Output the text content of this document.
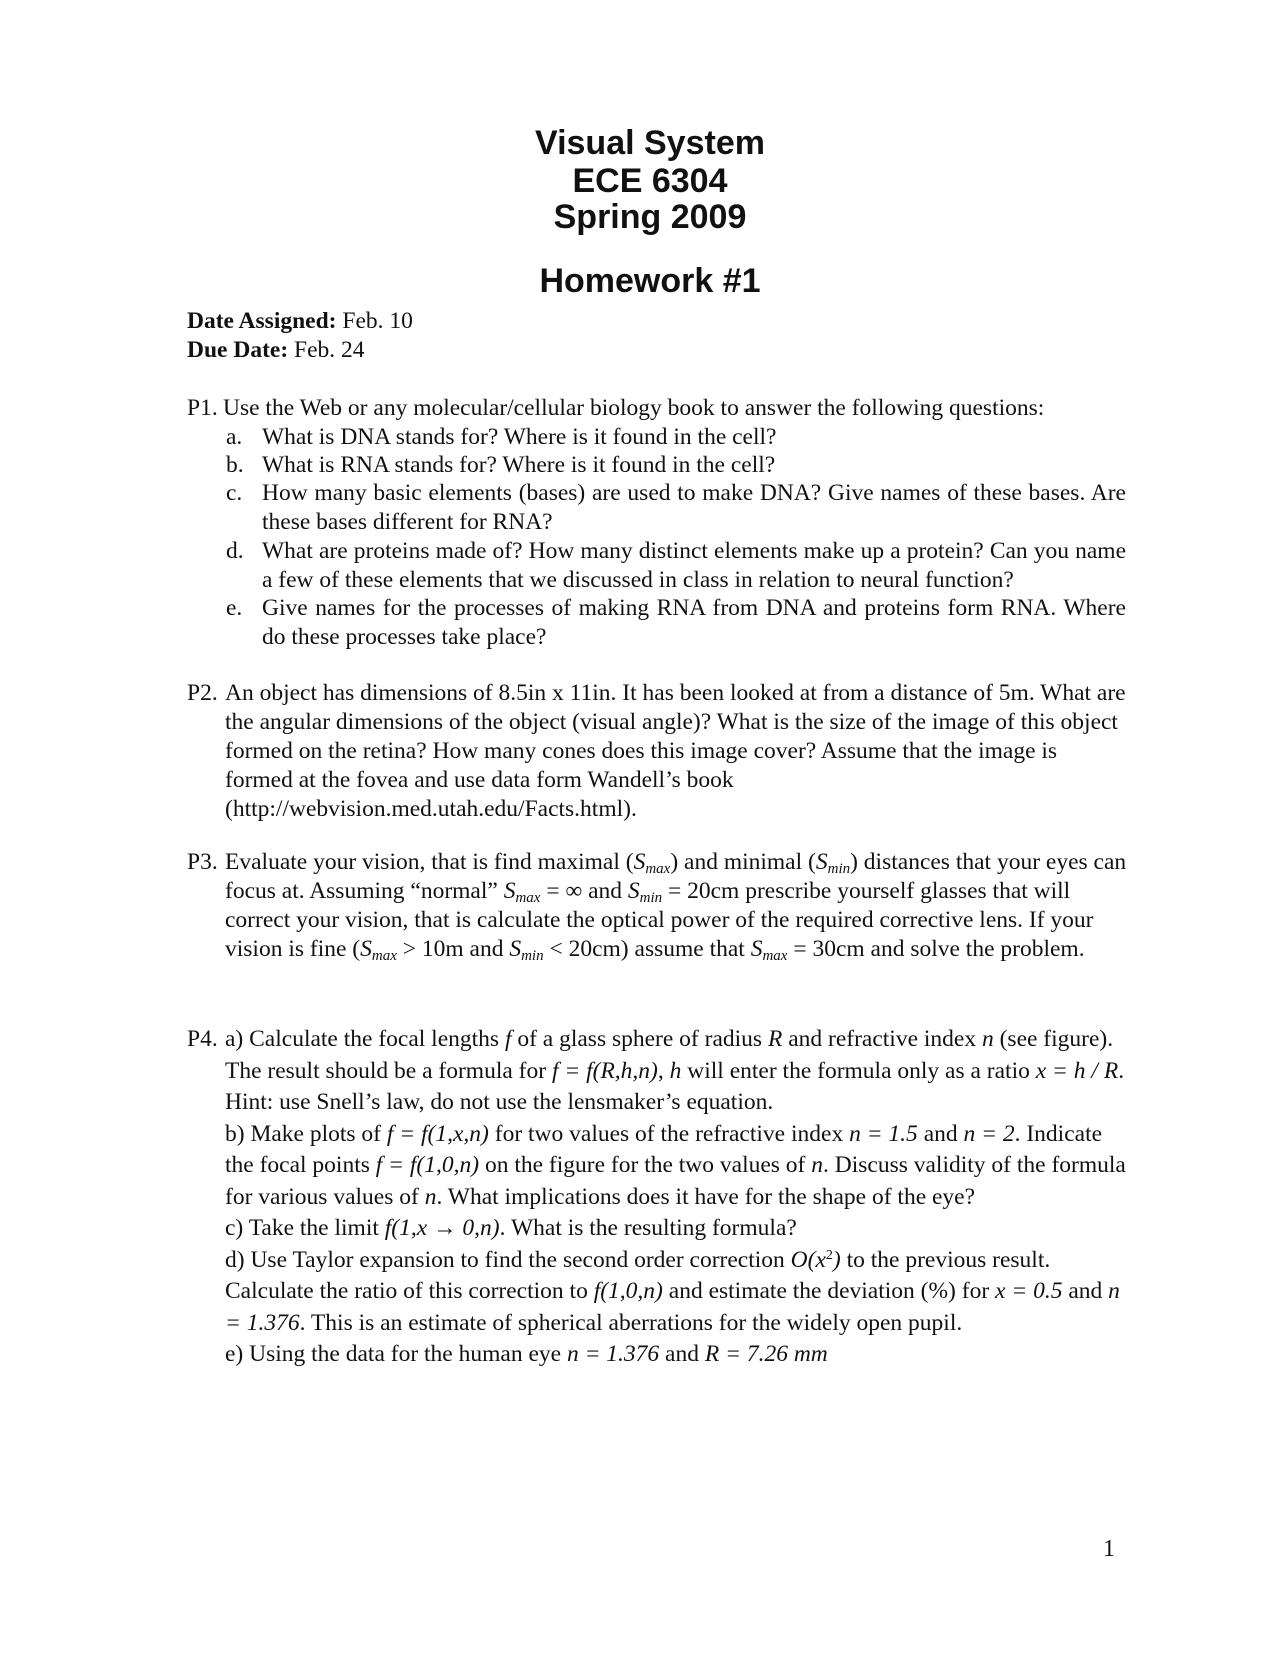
Visual System
ECE 6304
Spring 2009
Homework #1
Date Assigned: Feb. 10
Due Date: Feb. 24
P1. Use the Web or any molecular/cellular biology book to answer the following questions:
a. What is DNA stands for? Where is it found in the cell?
b. What is RNA stands for? Where is it found in the cell?
c. How many basic elements (bases) are used to make DNA? Give names of these bases. Are these bases different for RNA?
d. What are proteins made of? How many distinct elements make up a protein? Can you name a few of these elements that we discussed in class in relation to neural function?
e. Give names for the processes of making RNA from DNA and proteins form RNA. Where do these processes take place?
P2. An object has dimensions of 8.5in x 11in. It has been looked at from a distance of 5m. What are the angular dimensions of the object (visual angle)? What is the size of the image of this object formed on the retina? How many cones does this image cover? Assume that the image is formed at the fovea and use data form Wandell’s book (http://webvision.med.utah.edu/Facts.html).
P3. Evaluate your vision, that is find maximal $(S_{max})$ and minimal $(S_{min})$ distances that your eyes can focus at. Assuming “normal” $S_{max}$ = ∞ and $S_{min} = 20cm$ prescribe yourself glasses that will correct your vision, that is calculate the optical power of the required corrective lens. If your vision is fine ($S_{max} > 10m$ and $S_{min} < 20cm$) assume that $S_{max} = 30cm$ and solve the problem.
P4. a) Calculate the focal lengths f of a glass sphere of radius R and refractive index n (see figure). The result should be a formula for f = f(R,h,n), h will enter the formula only as a ratio x = h / R. Hint: use Snell’s law, do not use the lensmaker’s equation.
b) Make plots of f = f(1,x,n) for two values of the refractive index n = 1.5 and n = 2. Indicate the focal points f = f(1,0,n) on the figure for the two values of n. Discuss validity of the formula for various values of n. What implications does it have for the shape of the eye?
c) Take the limit f(1,x → 0,n). What is the resulting formula?
d) Use Taylor expansion to find the second order correction $O(x^2)$ to the previous result. Calculate the ratio of this correction to f(1,0,n) and estimate the deviation (%) for x = 0.5 and n = 1.376. This is an estimate of spherical aberrations for the widely open pupil.
e) Using the data for the human eye n = 1.376 and R = 7.26 mm
1
